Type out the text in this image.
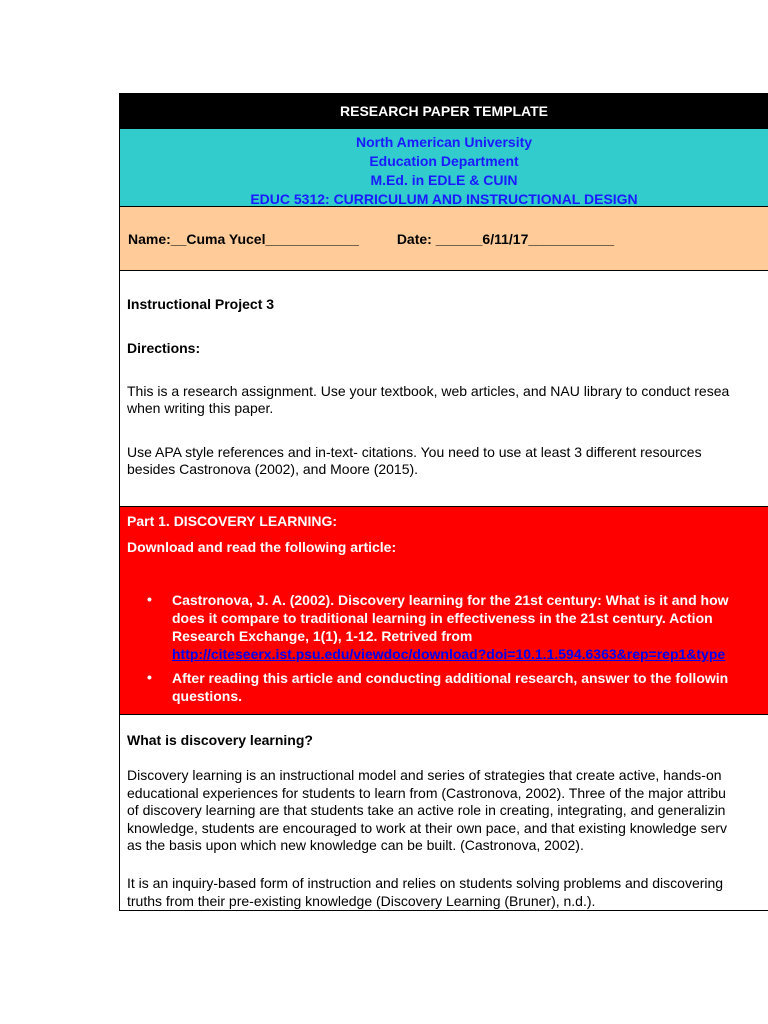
RESEARCH PAPER TEMPLATE
North American University
Education Department
M.Ed. in EDLE & CUIN
EDUC 5312: CURRICULUM AND INSTRUCTIONAL DESIGN
Name:__Cuma Yucel____________	Date: ______6/11/17___________
Instructional Project 3
Directions:
This is a research assignment. Use your textbook, web articles, and NAU library to conduct resea
when writing this paper.
Use APA style references and in-text- citations. You need to use at least 3 different resources
besides Castronova (2002), and Moore (2015).
Part 1. DISCOVERY LEARNING:
Download and read the following article:
• Castronova, J. A. (2002). Discovery learning for the 21st century: What is it and how
does it compare to traditional learning in effectiveness in the 21st century. Action
Research Exchange, 1(1), 1-12. Retrived from
http://citeseerx.ist.psu.edu/viewdoc/download?doi=10.1.1.594.6363&rep=rep1&type
• After reading this article and conducting additional research, answer to the followin
questions.
What is discovery learning?
Discovery learning is an instructional model and series of strategies that create active, hands-on
educational experiences for students to learn from (Castronova, 2002). Three of the major attribu
of discovery learning are that students take an active role in creating, integrating, and generalizin
knowledge, students are encouraged to work at their own pace, and that existing knowledge serv
as the basis upon which new knowledge can be built. (Castronova, 2002).
It is an inquiry-based form of instruction and relies on students solving problems and discovering
truths from their pre-existing knowledge (Discovery Learning (Bruner), n.d.).
